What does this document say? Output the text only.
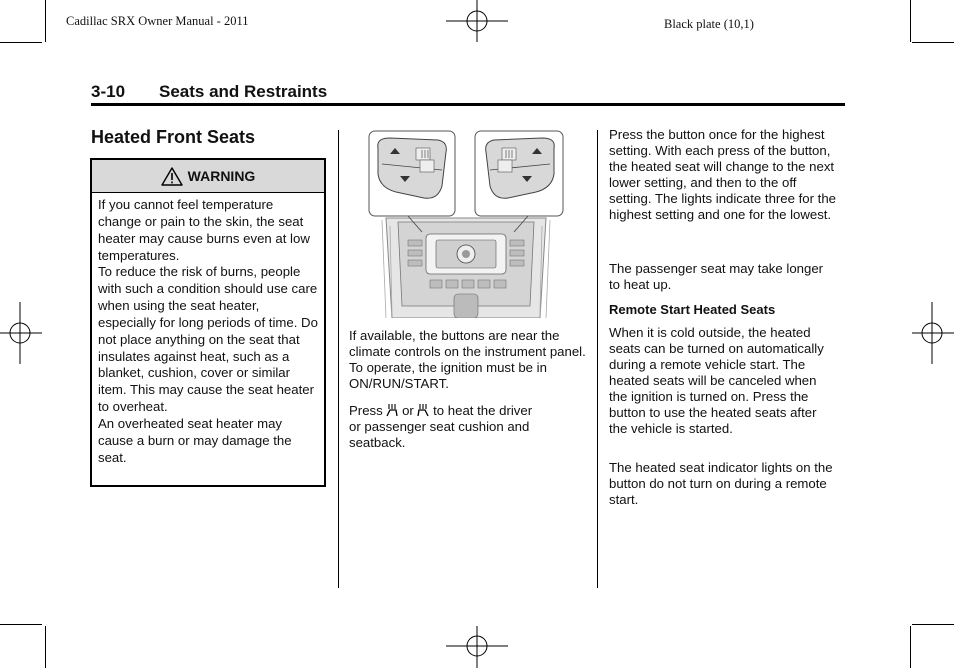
Cadillac SRX Owner Manual - 2011	Black plate (10,1)
3-10 Seats and Restraints
Heated Front Seats
WARNING

If you cannot feel temperature change or pain to the skin, the seat heater may cause burns even at low temperatures.

To reduce the risk of burns, people with such a condition should use care when using the seat heater, especially for long periods of time. Do not place anything on the seat that insulates against heat, such as a blanket, cushion, cover or similar item. This may cause the seat heater to overheat.

An overheated seat heater may cause a burn or may damage the seat.

If available, the buttons are near the climate controls on the instrument panel. To operate, the ignition must be in ON/RUN/START.

Press or to heat the driver

or passenger seat cushion and seatback.

Press the button once for the highest setting. With each press of the button, the heated seat will change to the next lower setting, and then to the off setting. The lights indicate three for the highest setting and one for the lowest.

The passenger seat may take longer to heat up.

Remote Start Heated Seats

When it is cold outside, the heated seats can be turned on automatically during a remote vehicle start. The heated seats will be canceled when the ignition is turned on. Press the button to use the heated seats after the vehicle is started.

The heated seat indicator lights on the button do not turn on during a remote start.
